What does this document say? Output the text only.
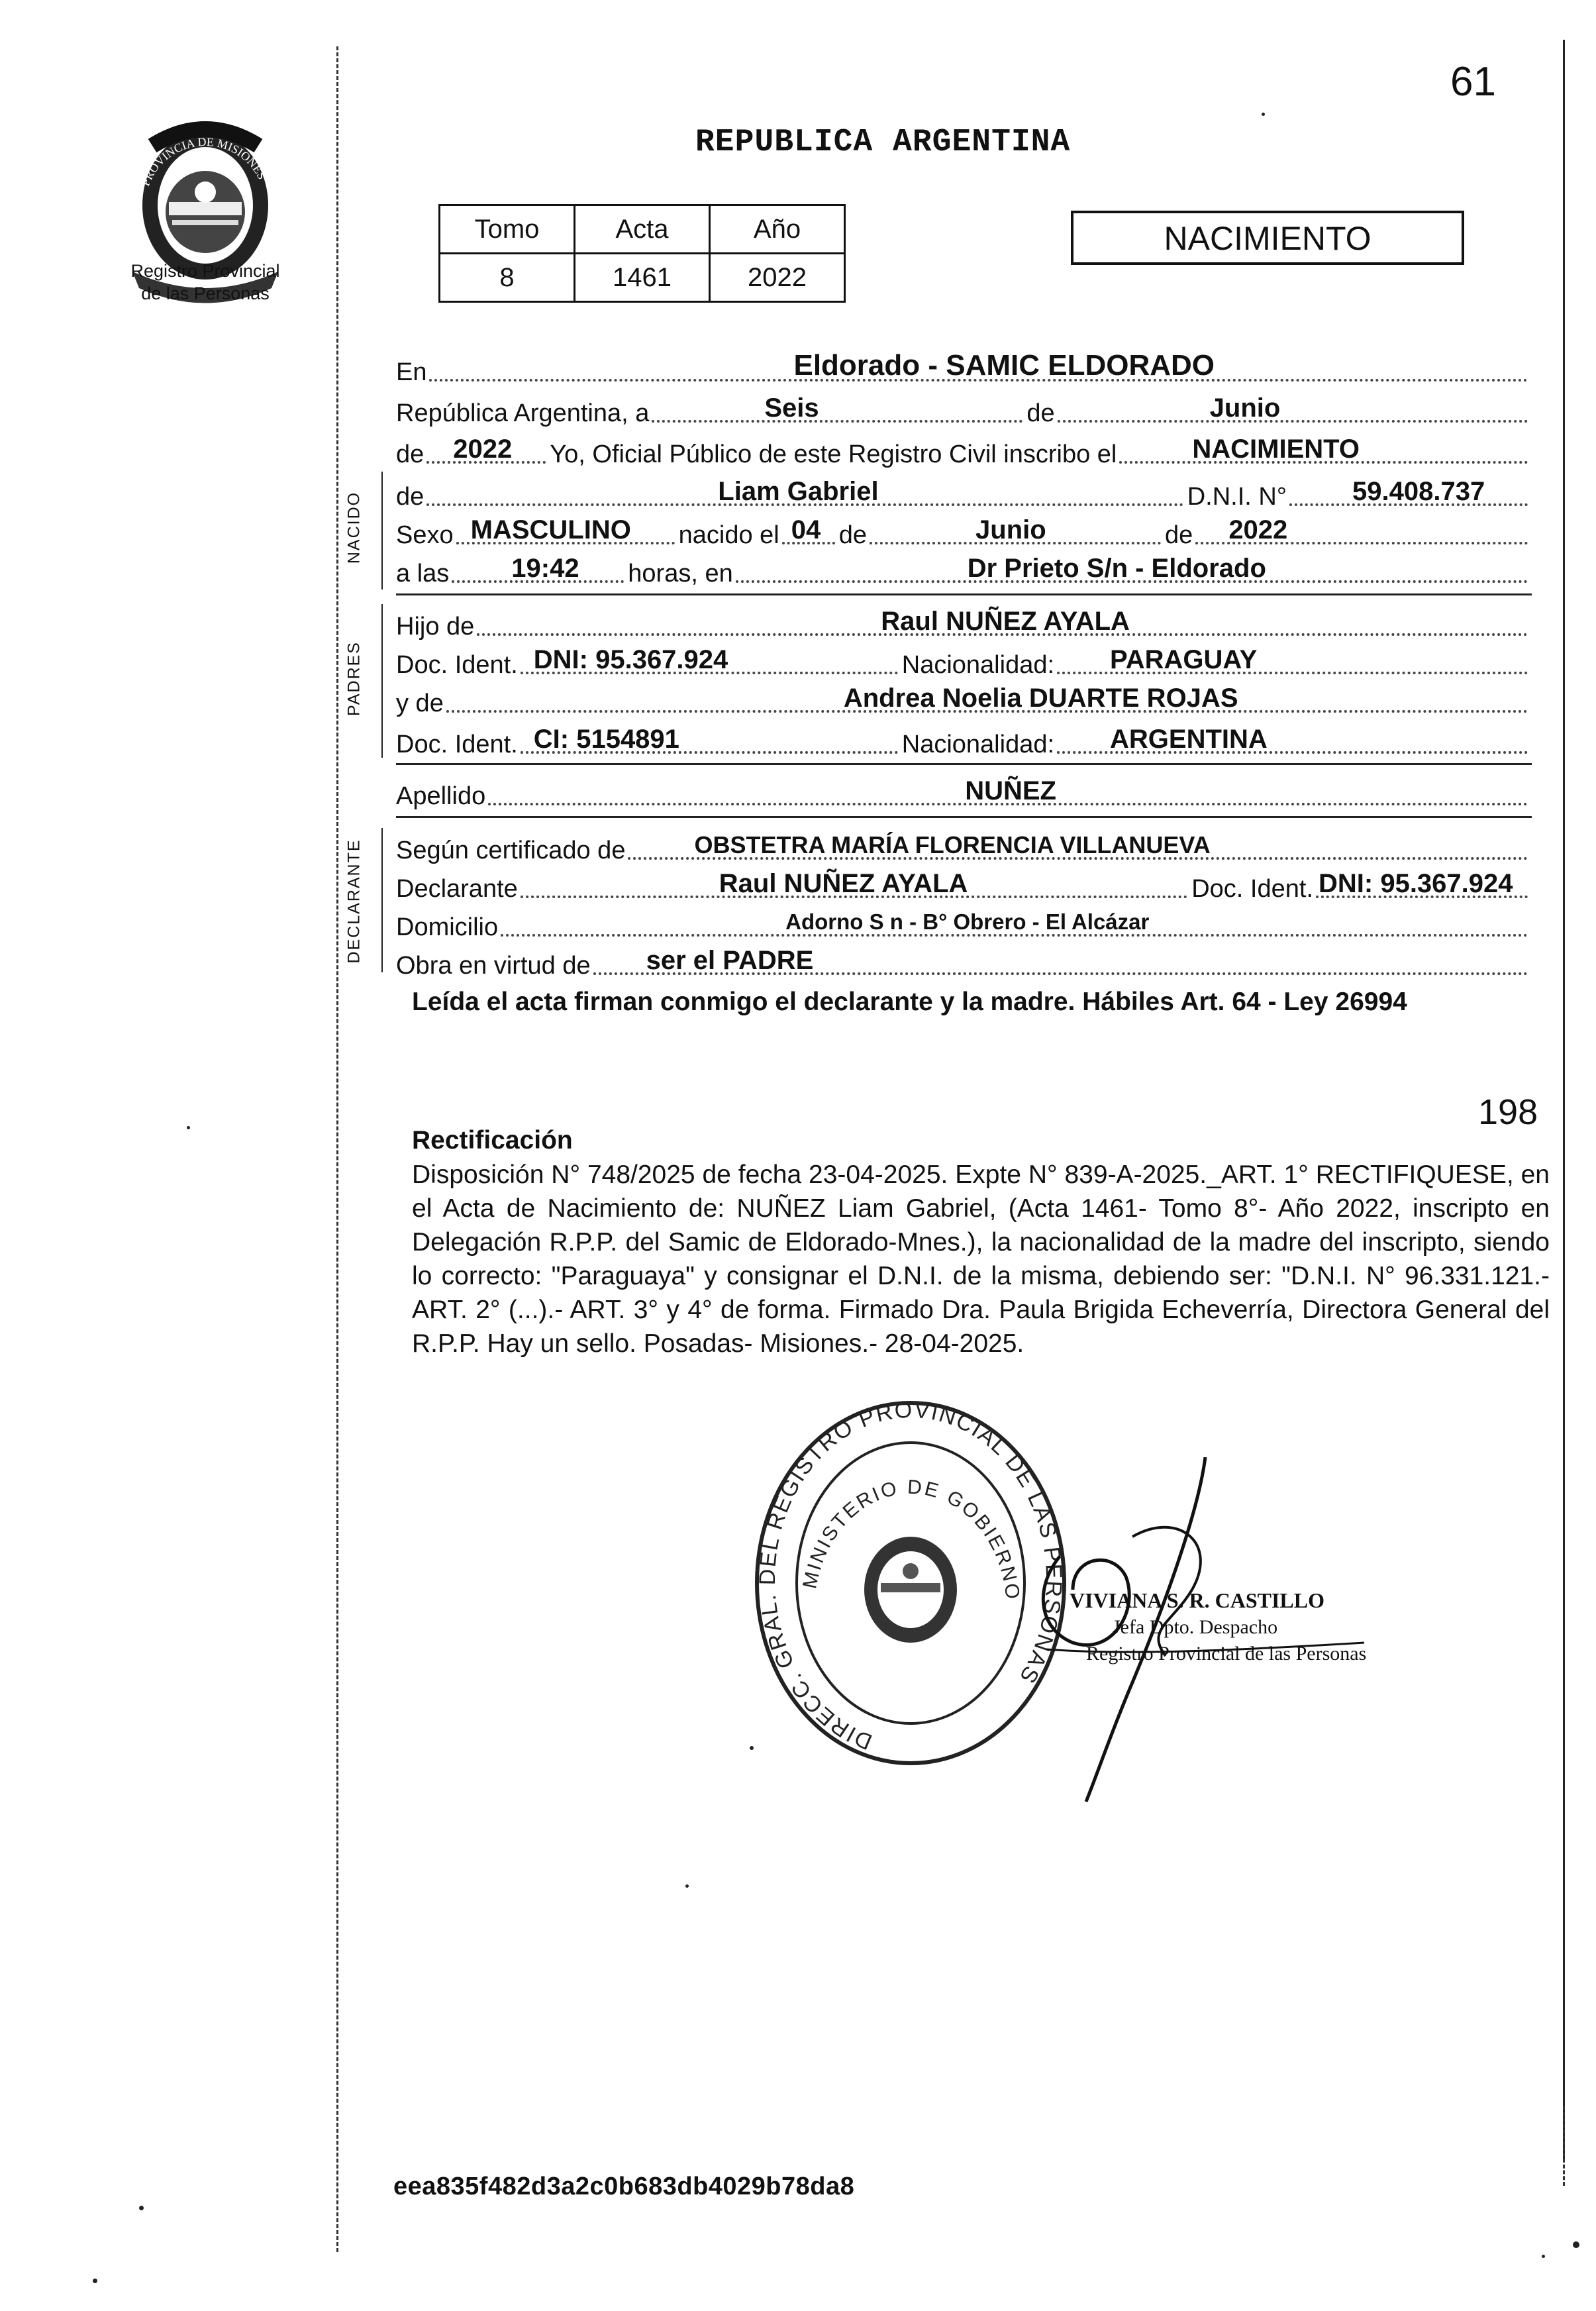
PROVINCIA DE MISIONES
Registro Provincial
de las Personas
61
REPUBLICA ARGENTINA
Tomo	Acta	Año
8	1461	2022
NACIMIENTO
En	Eldorado - SAMIC ELDORADO
República Argentina, a	Seis	de	Junio
de 2022 Yo, Oficial Público de este Registro Civil inscribo el	NACIMIENTO
NACIDO de	Liam Gabriel	D.N.I. N° 59.408.737
Sexo MASCULINO nacido el 04 de	Junio	de 2022
a las 19:42 horas, en	Dr Prieto S/n - Eldorado
PADRES
Hijo de	Raul NUÑEZ AYALA
Doc. Ident. DNI: 95.367.924	Nacionalidad: PARAGUAY
y de	Andrea Noelia DUARTE ROJAS
Doc. Ident. CI: 5154891	Nacionalidad: ARGENTINA
Apellido	NUÑEZ
DECLARANTE Según certificado de	OBSTETRA MARÍA FLORENCIA VILLANUEVA
Declarante	Raul NUÑEZ AYALA	Doc. Ident. DNI: 95.367.924
Domicilio	Adorno S n - B° Obrero - El Alcázar
Obra en virtud de ser el PADRE
Leída el acta firman conmigo el declarante y la madre. Hábiles Art. 64 - Ley 26994
198
Rectificación
Disposición N° 748/2025 de fecha 23-04-2025. Expte N° 839-A-2025._ART. 1° RECTIFIQUESE, en el Acta de Nacimiento de: NUÑEZ Liam Gabriel, (Acta 1461- Tomo 8°- Año 2022, inscripto en Delegación R.P.P. del Samic de Eldorado-Mnes.), la nacionalidad de la madre del inscripto, siendo lo correcto: "Paraguaya" y consignar el D.N.I. de la misma, debiendo ser: "D.N.I. N° 96.331.121.- ART. 2° (...).- ART. 3° y 4° de forma. Firmado Dra. Paula Brigida Echeverría, Directora General del R.P.P. Hay un sello. Posadas- Misiones.- 28-04-2025.
DIRECC. GRAL. DEL REGISTRO PROVINCIAL DE LAS PERSONAS
MINISTERIO DE GOBIERNO VIVIANA S. R. CASTILLO
Jefa Dpto. Despacho
Registro Provincial de las Personas
eea835f482d3a2c0b683db4029b78da8
